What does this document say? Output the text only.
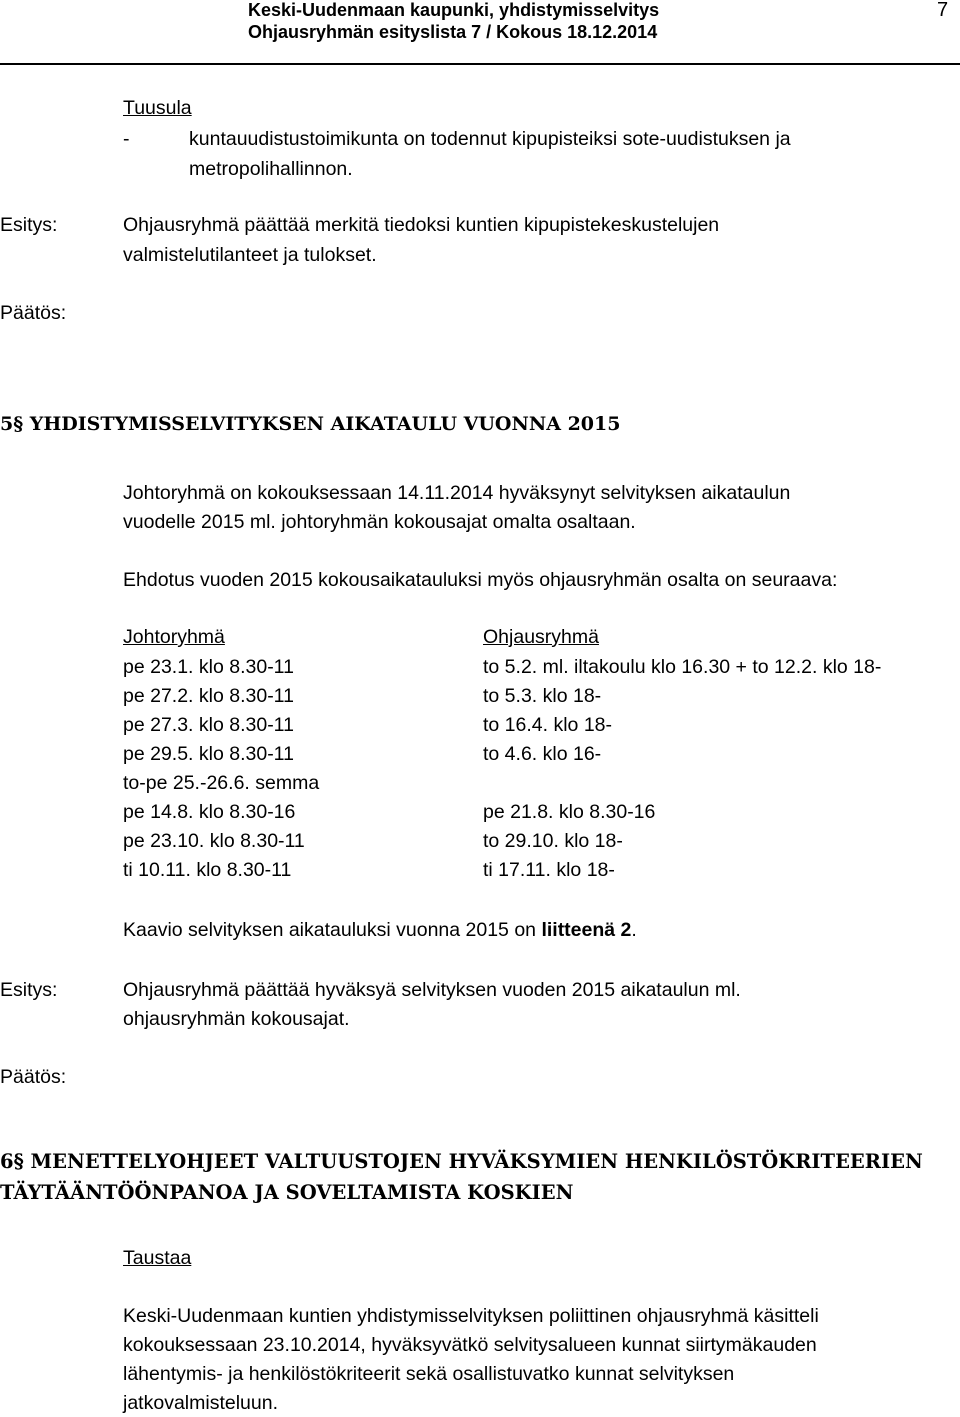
Keski-Uudenmaan kaupunki, yhdistymisselvitys
Ohjausryhmän esityslista 7 / Kokous 18.12.2014
7
Tuusula
-	kuntauudistustoimikunta on todennut kipupisteiksi sote-uudistuksen ja
metropolihallinnon.
Esitys:	Ohjausryhmä päättää merkitä tiedoksi kuntien kipupistekeskustelujen
valmistelutilanteet ja tulokset.
Päätös:
5§ YHDISTYMISSELVITYKSEN AIKATAULU VUONNA 2015
Johtoryhmä on kokouksessaan 14.11.2014 hyväksynyt selvityksen aikataulun
vuodelle 2015 ml. johtoryhmän kokousajat omalta osaltaan.
Ehdotus vuoden 2015 kokousaikatauluksi myös ohjausryhmän osalta on seuraava:
Johtoryhmä	Ohjausryhmä
pe 23.1. klo 8.30-11	to 5.2. ml. iltakoulu klo 16.30 + to 12.2. klo 18-
pe 27.2. klo 8.30-11	to 5.3. klo 18-
pe 27.3. klo 8.30-11	to 16.4. klo 18-
pe 29.5. klo 8.30-11	to 4.6. klo 16-
to-pe 25.-26.6. semma
pe 14.8. klo 8.30-16	pe 21.8. klo 8.30-16
pe 23.10. klo 8.30-11	to 29.10. klo 18-
ti 10.11. klo 8.30-11	ti 17.11. klo 18-
Kaavio selvityksen aikatauluksi vuonna 2015 on liitteenä 2.
Esitys:	Ohjausryhmä päättää hyväksyä selvityksen vuoden 2015 aikataulun ml.
ohjausryhmän kokousajat.
Päätös:
6§ MENETTELYOHJEET VALTUUSTOJEN HYVÄKSYMIEN HENKILÖSTÖKRITEERIEN
TÄYTÄÄNTÖÖNPANOA JA SOVELTAMISTA KOSKIEN
Taustaa
Keski-Uudenmaan kuntien yhdistymisselvityksen poliittinen ohjausryhmä käsitteli
kokouksessaan 23.10.2014, hyväksyvätkö selvitysalueen kunnat siirtymäkauden
lähentymis- ja henkilöstökriteerit sekä osallistuvatko kunnat selvityksen
jatkovalmisteluun.
